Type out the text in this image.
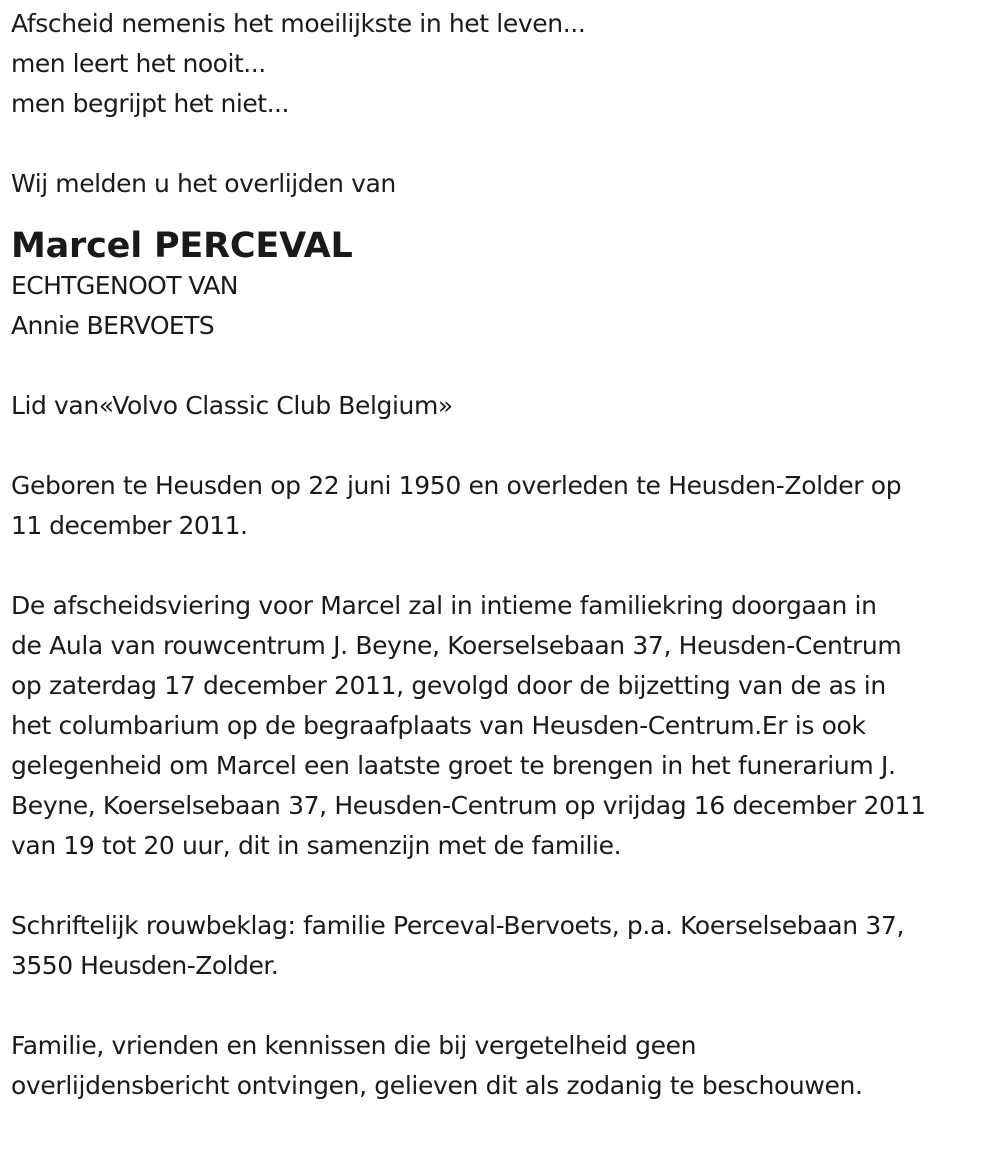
Afscheid nemenis het moeilijkste in het leven...
men leert het nooit...
men begrijpt het niet...
Wij melden u het overlijden van
Marcel PERCEVAL
ECHTGENOOT VAN
Annie BERVOETS
Lid van«Volvo Classic Club Belgium»
Geboren te Heusden op 22 juni 1950 en overleden te Heusden-Zolder op
11 december 2011.
De afscheidsviering voor Marcel zal in intieme familiekring doorgaan in
de Aula van rouwcentrum J. Beyne, Koerselsebaan 37, Heusden-Centrum
op zaterdag 17 december 2011, gevolgd door de bijzetting van de as in
het columbarium op de begraafplaats van Heusden-Centrum.Er is ook
gelegenheid om Marcel een laatste groet te brengen in het funerarium J.
Beyne, Koerselsebaan 37, Heusden-Centrum op vrijdag 16 december 2011
van 19 tot 20 uur, dit in samenzijn met de familie.
Schriftelijk rouwbeklag: familie Perceval-Bervoets, p.a. Koerselsebaan 37,
3550 Heusden-Zolder.
Familie, vrienden en kennissen die bij vergetelheid geen
overlijdensbericht ontvingen, gelieven dit als zodanig te beschouwen.
